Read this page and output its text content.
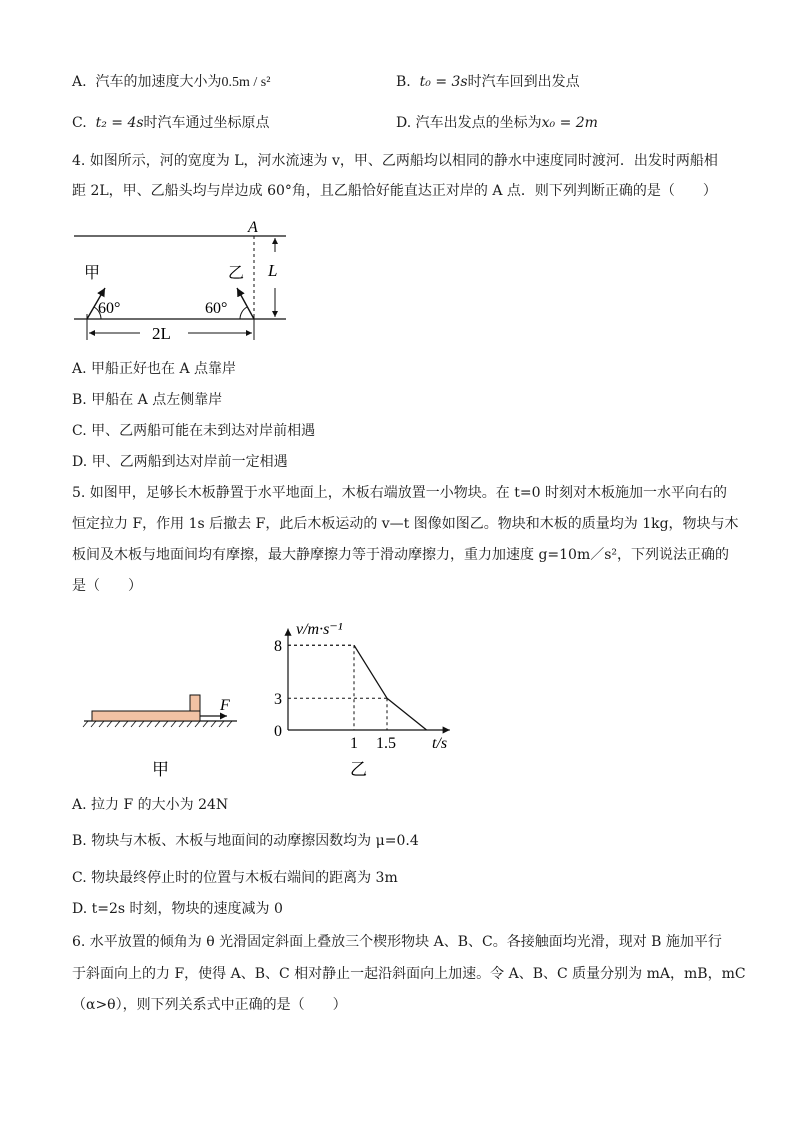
A. 汽车的加速度大小为0.5m / s²	B. t₀ = 3s时汽车回到出发点
C. t₂ = 4s时汽车通过坐标原点	D. 汽车出发点的坐标为x₀ = 2m
4. 如图所示，河的宽度为 L，河水流速为 v，甲、乙两船均以相同的静水中速度同时渡河．出发时两船相
距 2L，甲、乙船头均与岸边成 60°角，且乙船恰好能直达正对岸的 A 点．则下列判断正确的是（　　）
A
L
甲	乙
60°	60°
2L
A. 甲船正好也在 A 点靠岸
B. 甲船在 A 点左侧靠岸
C. 甲、乙两船可能在未到达对岸前相遇
D. 甲、乙两船到达对岸前一定相遇
5. 如图甲，足够长木板静置于水平地面上，木板右端放置一小物块。在 t=0 时刻对木板施加一水平向右的
恒定拉力 F，作用 1s 后撤去 F，此后木板运动的 v—t 图像如图乙。物块和木板的质量均为 1kg，物块与木
板间及木板与地面间均有摩擦，最大静摩擦力等于滑动摩擦力，重力加速度 g=10m／s²，下列说法正确的
是（　　）
F
甲
v/m·s⁻¹
t/s
乙
8
3
0
1 1.5
A. 拉力 F 的大小为 24N
B. 物块与木板、木板与地面间的动摩擦因数均为 μ=0.4
C. 物块最终停止时的位置与木板右端间的距离为 3m
D. t=2s 时刻，物块的速度减为 0
6. 水平放置的倾角为 θ 光滑固定斜面上叠放三个楔形物块 A、B、C。各接触面均光滑，现对 B 施加平行
于斜面向上的力 F，使得 A、B、C 相对静止一起沿斜面向上加速。令 A、B、C 质量分别为 mA，mB，mC
（α>θ），则下列关系式中正确的是（　　）
